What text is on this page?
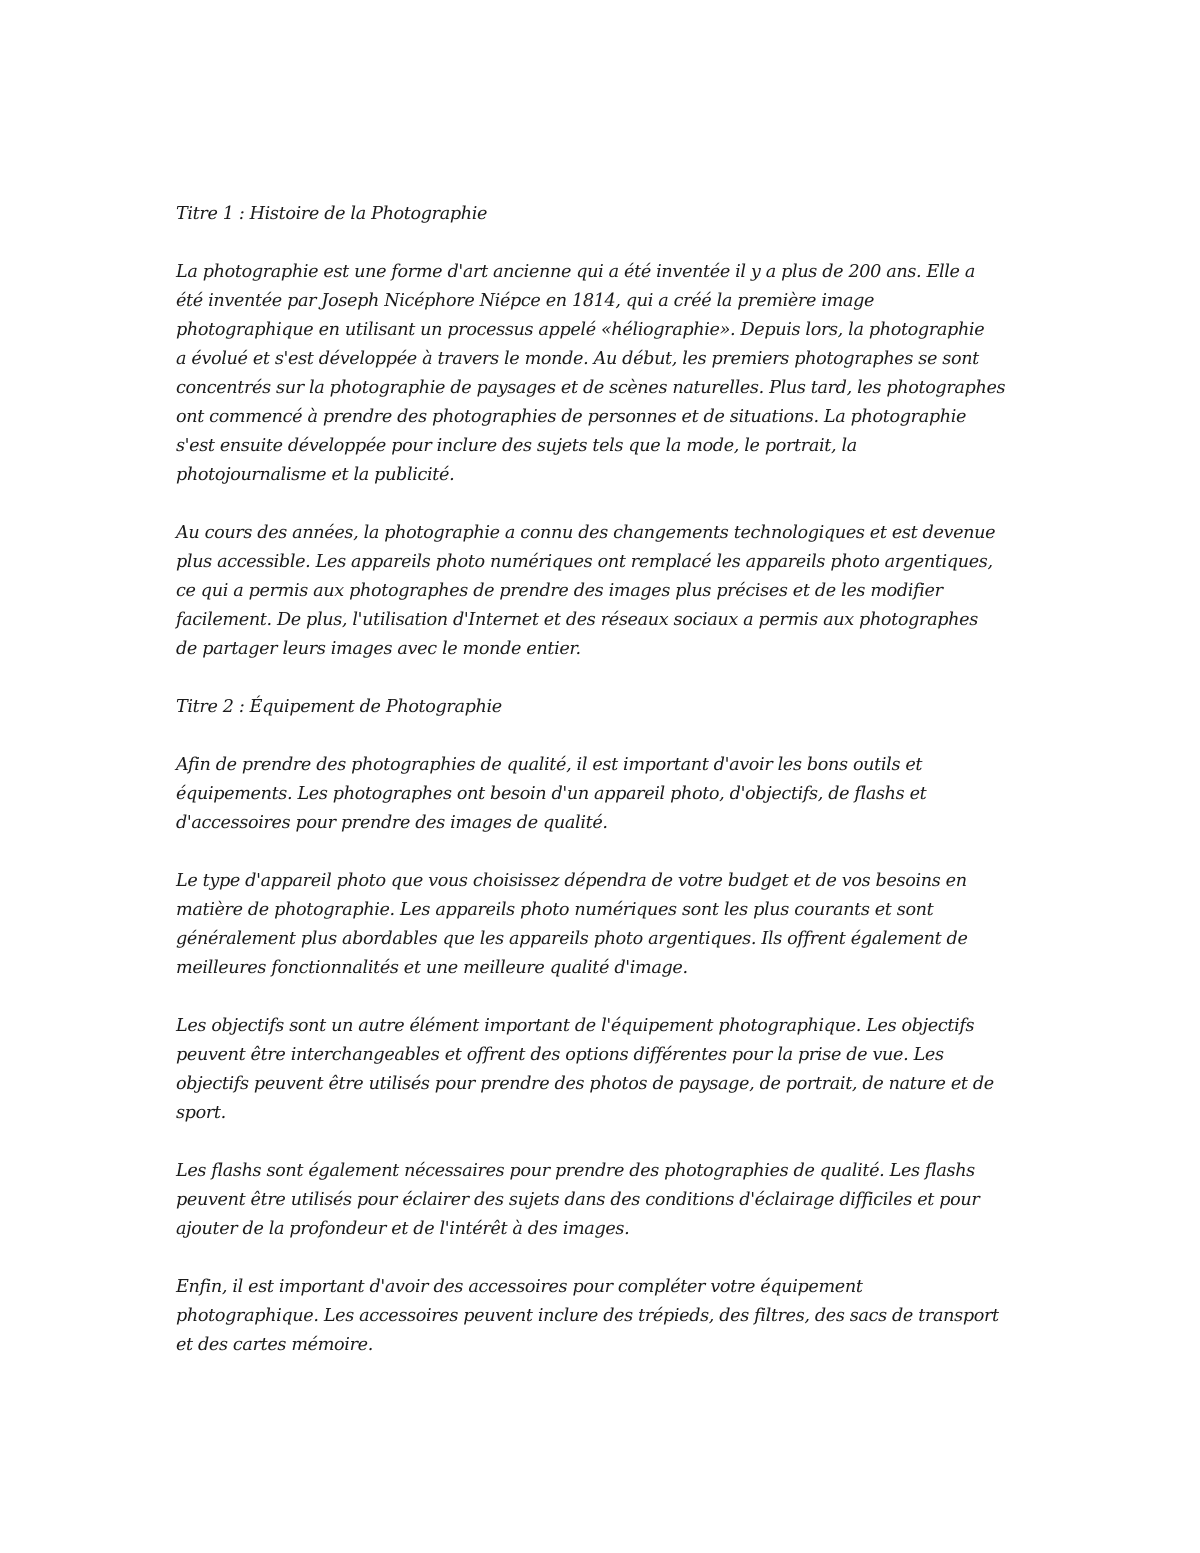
Titre 1 : Histoire de la Photographie
La photographie est une forme d'art ancienne qui a été inventée il y a plus de 200 ans. Elle a
été inventée par Joseph Nicéphore Niépce en 1814, qui a créé la première image
photographique en utilisant un processus appelé «héliographie». Depuis lors, la photographie
a évolué et s'est développée à travers le monde. Au début, les premiers photographes se sont
concentrés sur la photographie de paysages et de scènes naturelles. Plus tard, les photographes
ont commencé à prendre des photographies de personnes et de situations. La photographie
s'est ensuite développée pour inclure des sujets tels que la mode, le portrait, la
photojournalisme et la publicité.
Au cours des années, la photographie a connu des changements technologiques et est devenue
plus accessible. Les appareils photo numériques ont remplacé les appareils photo argentiques,
ce qui a permis aux photographes de prendre des images plus précises et de les modifier
facilement. De plus, l'utilisation d'Internet et des réseaux sociaux a permis aux photographes
de partager leurs images avec le monde entier.
Titre 2 : Équipement de Photographie
Afin de prendre des photographies de qualité, il est important d'avoir les bons outils et
équipements. Les photographes ont besoin d'un appareil photo, d'objectifs, de flashs et
d'accessoires pour prendre des images de qualité.
Le type d'appareil photo que vous choisissez dépendra de votre budget et de vos besoins en
matière de photographie. Les appareils photo numériques sont les plus courants et sont
généralement plus abordables que les appareils photo argentiques. Ils offrent également de
meilleures fonctionnalités et une meilleure qualité d'image.
Les objectifs sont un autre élément important de l'équipement photographique. Les objectifs
peuvent être interchangeables et offrent des options différentes pour la prise de vue. Les
objectifs peuvent être utilisés pour prendre des photos de paysage, de portrait, de nature et de
sport.
Les flashs sont également nécessaires pour prendre des photographies de qualité. Les flashs
peuvent être utilisés pour éclairer des sujets dans des conditions d'éclairage difficiles et pour
ajouter de la profondeur et de l'intérêt à des images.
Enfin, il est important d'avoir des accessoires pour compléter votre équipement
photographique. Les accessoires peuvent inclure des trépieds, des filtres, des sacs de transport
et des cartes mémoire.
